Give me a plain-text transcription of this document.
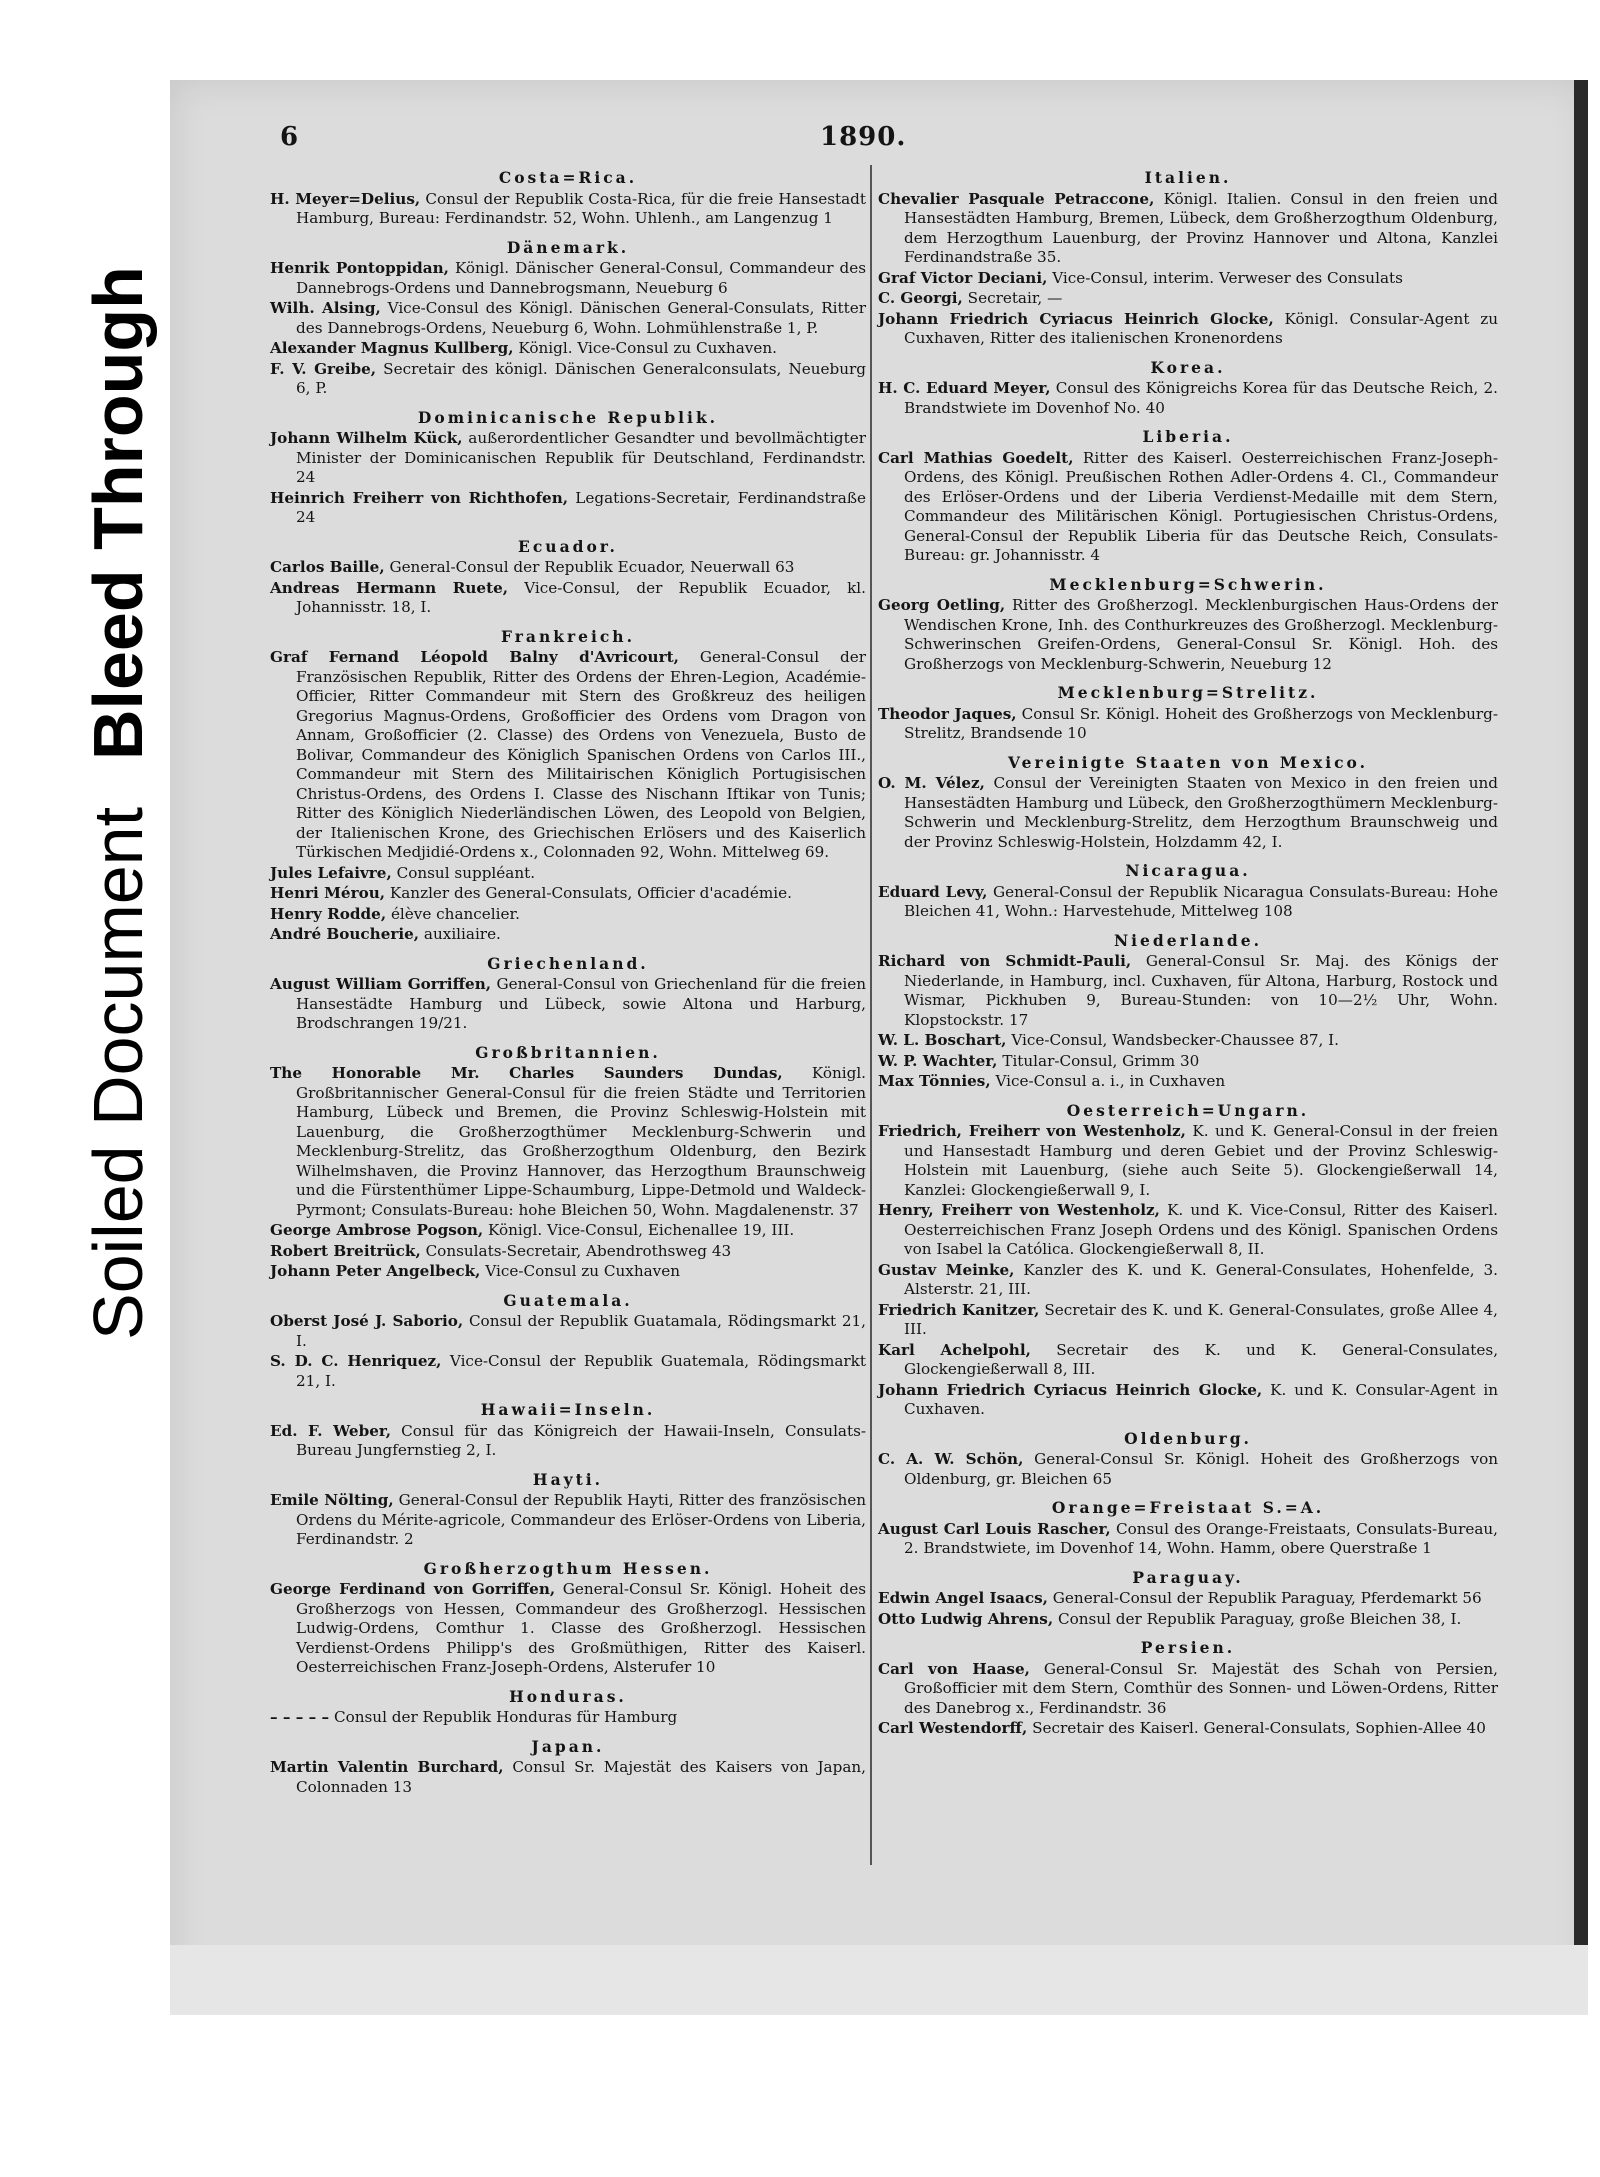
Soiled Document
Bleed Through
6	1890.
Costa=Rica.
H. Meyer=Delius, Consul der Republik Costa-Rica, für die freie Hansestadt Hamburg, Bureau: Ferdinandstr. 52, Wohn. Uhlenh., am Langenzug 1
Dänemark.
Henrik Pontoppidan, Königl. Dänischer General-Consul, Commandeur des Dannebrogs-Ordens und Dannebrogsmann, Neueburg 6
Wilh. Alsing, Vice-Consul des Königl. Dänischen General-Consulats, Ritter des Dannebrogs-Ordens, Neueburg 6, Wohn. Lohmühlenstraße 1, P.
Alexander Magnus Kullberg, Königl. Vice-Consul zu Cuxhaven.
F. V. Greibe, Secretair des königl. Dänischen Generalconsulats, Neueburg 6, P.
Dominicanische Republik.
Johann Wilhelm Kück, außerordentlicher Gesandter und bevollmächtigter Minister der Dominicanischen Republik für Deutschland, Ferdinandstr. 24
Heinrich Freiherr von Richthofen, Legations-Secretair, Ferdinandstraße 24
Ecuador.
Carlos Baille, General-Consul der Republik Ecuador, Neuerwall 63
Andreas Hermann Ruete, Vice-Consul, der Republik Ecuador, kl. Johannisstr. 18, I.
Frankreich.
Graf Fernand Léopold Balny d'Avricourt, General-Consul der Französischen Republik, Ritter des Ordens der Ehren-Legion, Académie-Officier, Ritter Commandeur mit Stern des Großkreuz des heiligen Gregorius Magnus-Ordens, Großofficier des Ordens vom Dragon von Annam, Großofficier (2. Classe) des Ordens von Venezuela, Busto de Bolivar, Commandeur des Königlich Spanischen Ordens von Carlos III., Commandeur mit Stern des Militairischen Königlich Portugisischen Christus-Ordens, des Ordens I. Classe des Nischann Iftikar von Tunis; Ritter des Königlich Niederländischen Löwen, des Leopold von Belgien, der Italienischen Krone, des Griechischen Erlösers und des Kaiserlich Türkischen Medjidié-Ordens x., Colonnaden 92, Wohn. Mittelweg 69.
Jules Lefaivre, Consul suppléant.
Henri Mérou, Kanzler des General-Consulats, Officier d'académie.
Henry Rodde, élève chancelier.
André Boucherie, auxiliaire.
Griechenland.
August William Gorriffen, General-Consul von Griechenland für die freien Hansestädte Hamburg und Lübeck, sowie Altona und Harburg, Brodschrangen 19/21.
Großbritannien.
The Honorable Mr. Charles Saunders Dundas, Königl. Großbritannischer General-Consul für die freien Städte und Territorien Hamburg, Lübeck und Bremen, die Provinz Schleswig-Holstein mit Lauenburg, die Großherzogthümer Mecklenburg-Schwerin und Mecklenburg-Strelitz, das Großherzogthum Oldenburg, den Bezirk Wilhelmshaven, die Provinz Hannover, das Herzogthum Braunschweig und die Fürstenthümer Lippe-Schaumburg, Lippe-Detmold und Waldeck-Pyrmont; Consulats-Bureau: hohe Bleichen 50, Wohn. Magdalenenstr. 37
George Ambrose Pogson, Königl. Vice-Consul, Eichenallee 19, III.
Robert Breitrück, Consulats-Secretair, Abendrothsweg 43
Johann Peter Angelbeck, Vice-Consul zu Cuxhaven
Guatemala.
Oberst José J. Saborio, Consul der Republik Guatamala, Rödingsmarkt 21, I.
S. D. C. Henriquez, Vice-Consul der Republik Guatemala, Rödingsmarkt 21, I.
Hawaii=Inseln.
Ed. F. Weber, Consul für das Königreich der Hawaii-Inseln, Consulats-Bureau Jungfernstieg 2, I.
Hayti.
Emile Nölting, General-Consul der Republik Hayti, Ritter des französischen Ordens du Mérite-agricole, Commandeur des Erlöser-Ordens von Liberia, Ferdinandstr. 2
Großherzogthum Hessen.
George Ferdinand von Gorriffen, General-Consul Sr. Königl. Hoheit des Großherzogs von Hessen, Commandeur des Großherzogl. Hessischen Ludwig-Ordens, Comthur 1. Classe des Großherzogl. Hessischen Verdienst-Ordens Philipp's des Großmüthigen, Ritter des Kaiserl. Oesterreichischen Franz-Joseph-Ordens, Alsterufer 10
Honduras.
– – – – – Consul der Republik Honduras für Hamburg
Japan.
Martin Valentin Burchard, Consul Sr. Majestät des Kaisers von Japan, Colonnaden 13
Italien.
Chevalier Pasquale Petraccone, Königl. Italien. Consul in den freien und Hansestädten Hamburg, Bremen, Lübeck, dem Großherzogthum Oldenburg, dem Herzogthum Lauenburg, der Provinz Hannover und Altona, Kanzlei Ferdinandstraße 35.
Graf Victor Deciani, Vice-Consul, interim. Verweser des Consulats
C. Georgi, Secretair, —
Johann Friedrich Cyriacus Heinrich Glocke, Königl. Consular-Agent zu Cuxhaven, Ritter des italienischen Kronenordens
Korea.
H. C. Eduard Meyer, Consul des Königreichs Korea für das Deutsche Reich, 2. Brandstwiete im Dovenhof No. 40
Liberia.
Carl Mathias Goedelt, Ritter des Kaiserl. Oesterreichischen Franz-Joseph-Ordens, des Königl. Preußischen Rothen Adler-Ordens 4. Cl., Commandeur des Erlöser-Ordens und der Liberia Verdienst-Medaille mit dem Stern, Commandeur des Militärischen Königl. Portugiesischen Christus-Ordens, General-Consul der Republik Liberia für das Deutsche Reich, Consulats-Bureau: gr. Johannisstr. 4
Mecklenburg=Schwerin.
Georg Oetling, Ritter des Großherzogl. Mecklenburgischen Haus-Ordens der Wendischen Krone, Inh. des Conthurkreuzes des Großherzogl. Mecklenburg-Schwerinschen Greifen-Ordens, General-Consul Sr. Königl. Hoh. des Großherzogs von Mecklenburg-Schwerin, Neueburg 12
Mecklenburg=Strelitz.
Theodor Jaques, Consul Sr. Königl. Hoheit des Großherzogs von Mecklenburg-Strelitz, Brandsende 10
Vereinigte Staaten von Mexico.
O. M. Vélez, Consul der Vereinigten Staaten von Mexico in den freien und Hansestädten Hamburg und Lübeck, den Großherzogthümern Mecklenburg-Schwerin und Mecklenburg-Strelitz, dem Herzogthum Braunschweig und der Provinz Schleswig-Holstein, Holzdamm 42, I.
Nicaragua.
Eduard Levy, General-Consul der Republik Nicaragua Consulats-Bureau: Hohe Bleichen 41, Wohn.: Harvestehude, Mittelweg 108
Niederlande.
Richard von Schmidt-Pauli, General-Consul Sr. Maj. des Königs der Niederlande, in Hamburg, incl. Cuxhaven, für Altona, Harburg, Rostock und Wismar, Pickhuben 9, Bureau-Stunden: von 10—2½ Uhr, Wohn. Klopstockstr. 17
W. L. Boschart, Vice-Consul, Wandsbecker-Chaussee 87, I.
W. P. Wachter, Titular-Consul, Grimm 30
Max Tönnies, Vice-Consul a. i., in Cuxhaven
Oesterreich=Ungarn.
Friedrich, Freiherr von Westenholz, K. und K. General-Consul in der freien und Hansestadt Hamburg und deren Gebiet und der Provinz Schleswig-Holstein mit Lauenburg, (siehe auch Seite 5). Glockengießerwall 14, Kanzlei: Glockengießerwall 9, I.
Henry, Freiherr von Westenholz, K. und K. Vice-Consul, Ritter des Kaiserl. Oesterreichischen Franz Joseph Ordens und des Königl. Spanischen Ordens von Isabel la Católica. Glockengießerwall 8, II.
Gustav Meinke, Kanzler des K. und K. General-Consulates, Hohenfelde, 3. Alsterstr. 21, III.
Friedrich Kanitzer, Secretair des K. und K. General-Consulates, große Allee 4, III.
Karl Achelpohl, Secretair des K. und K. General-Consulates, Glockengießerwall 8, III.
Johann Friedrich Cyriacus Heinrich Glocke, K. und K. Consular-Agent in Cuxhaven.
Oldenburg.
C. A. W. Schön, General-Consul Sr. Königl. Hoheit des Großherzogs von Oldenburg, gr. Bleichen 65
Orange=Freistaat S.=A.
August Carl Louis Rascher, Consul des Orange-Freistaats, Consulats-Bureau, 2. Brandstwiete, im Dovenhof 14, Wohn. Hamm, obere Querstraße 1
Paraguay.
Edwin Angel Isaacs, General-Consul der Republik Paraguay, Pferdemarkt 56
Otto Ludwig Ahrens, Consul der Republik Paraguay, große Bleichen 38, I.
Persien.
Carl von Haase, General-Consul Sr. Majestät des Schah von Persien, Großofficier mit dem Stern, Comthür des Sonnen- und Löwen-Ordens, Ritter des Danebrog x., Ferdinandstr. 36
Carl Westendorff, Secretair des Kaiserl. General-Consulats, Sophien-Allee 40
